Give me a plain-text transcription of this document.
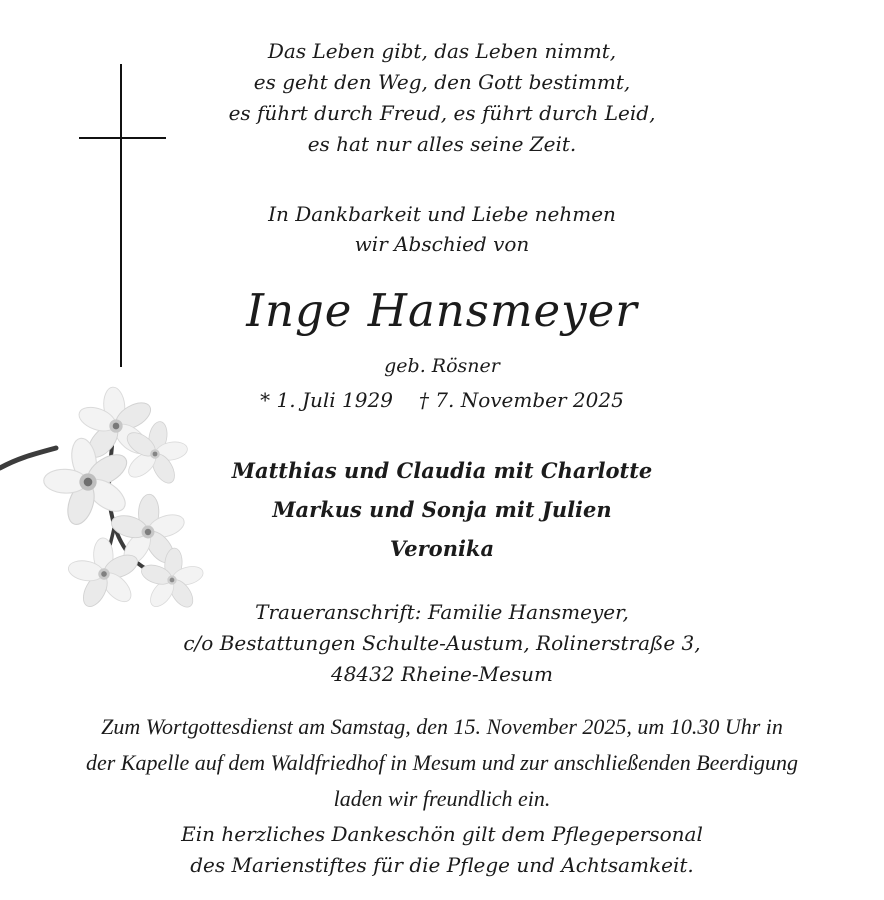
Das Leben gibt, das Leben nimmt,
es geht den Weg, den Gott bestimmt,
es führt durch Freud, es führt durch Leid,
es hat nur alles seine Zeit.
In Dankbarkeit und Liebe nehmen
wir Abschied von
Inge Hansmeyer
geb. Rösner
* 1. Juli 1929 † 7. November 2025
Matthias und Claudia mit Charlotte
Markus und Sonja mit Julien
Veronika
Traueranschrift: Familie Hansmeyer,
c/o Bestattungen Schulte-Austum, Rolinerstraße 3,
48432 Rheine-Mesum
Zum Wortgottesdienst am Samstag, den 15. November 2025, um 10.30 Uhr in
der Kapelle auf dem Waldfriedhof in Mesum und zur anschließenden Beerdigung
laden wir freundlich ein.
Ein herzliches Dankeschön gilt dem Pflegepersonal
des Marienstiftes für die Pflege und Achtsamkeit.
